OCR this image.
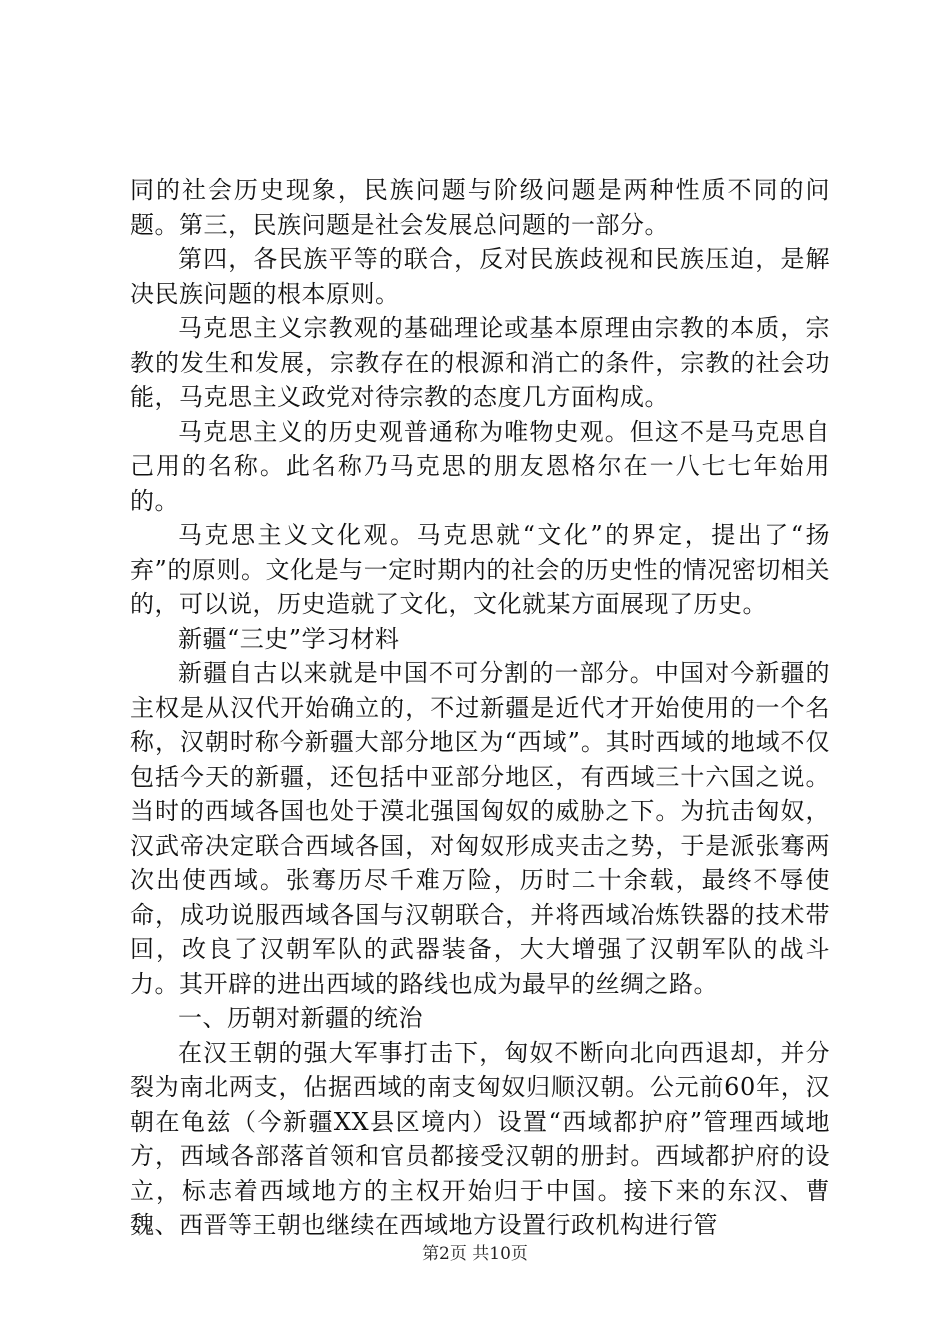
同的社会历史现象，民族问题与阶级问题是两种性质不同的问题。第三，民族问题是社会发展总问题的一部分。

第四，各民族平等的联合，反对民族歧视和民族压迫，是解决民族问题的根本原则。

马克思主义宗教观的基础理论或基本原理由宗教的本质，宗教的发生和发展，宗教存在的根源和消亡的条件，宗教的社会功能，马克思主义政党对待宗教的态度几方面构成。

马克思主义的历史观普通称为唯物史观。但这不是马克思自己用的名称。此名称乃马克思的朋友恩格尔在一八七七年始用的。

马克思主义文化观。马克思就“文化”的界定，提出了“扬弃”的原则。文化是与一定时期内的社会的历史性的情况密切相关的，可以说，历史造就了文化，文化就某方面展现了历史。

新疆“三史”学习材料

新疆自古以来就是中国不可分割的一部分。中国对今新疆的主权是从汉代开始确立的，不过新疆是近代才开始使用的一个名称，汉朝时称今新疆大部分地区为“西域”。其时西域的地域不仅包括今天的新疆，还包括中亚部分地区，有西域三十六国之说。当时的西域各国也处于漠北强国匈奴的威胁之下。为抗击匈奴，汉武帝决定联合西域各国，对匈奴形成夹击之势，于是派张骞两次出使西域。张骞历尽千难万险，历时二十余载，最终不辱使命，成功说服西域各国与汉朝联合，并将西域冶炼铁器的技术带回，改良了汉朝军队的武器装备，大大增强了汉朝军队的战斗力。其开辟的进出西域的路线也成为最早的丝绸之路。

一、历朝对新疆的统治

在汉王朝的强大军事打击下，匈奴不断向北向西退却，并分裂为南北两支，佔据西域的南支匈奴归顺汉朝。公元前60年，汉朝在龟兹（今新疆XX县区境内）设置“西域都护府”管理西域地方，西域各部落首领和官员都接受汉朝的册封。西域都护府的设立，标志着西域地方的主权开始归于中国。接下来的东汉、曹魏、西晋等王朝也继续在西域地方设置行政机构进行管

第2页 共10页
